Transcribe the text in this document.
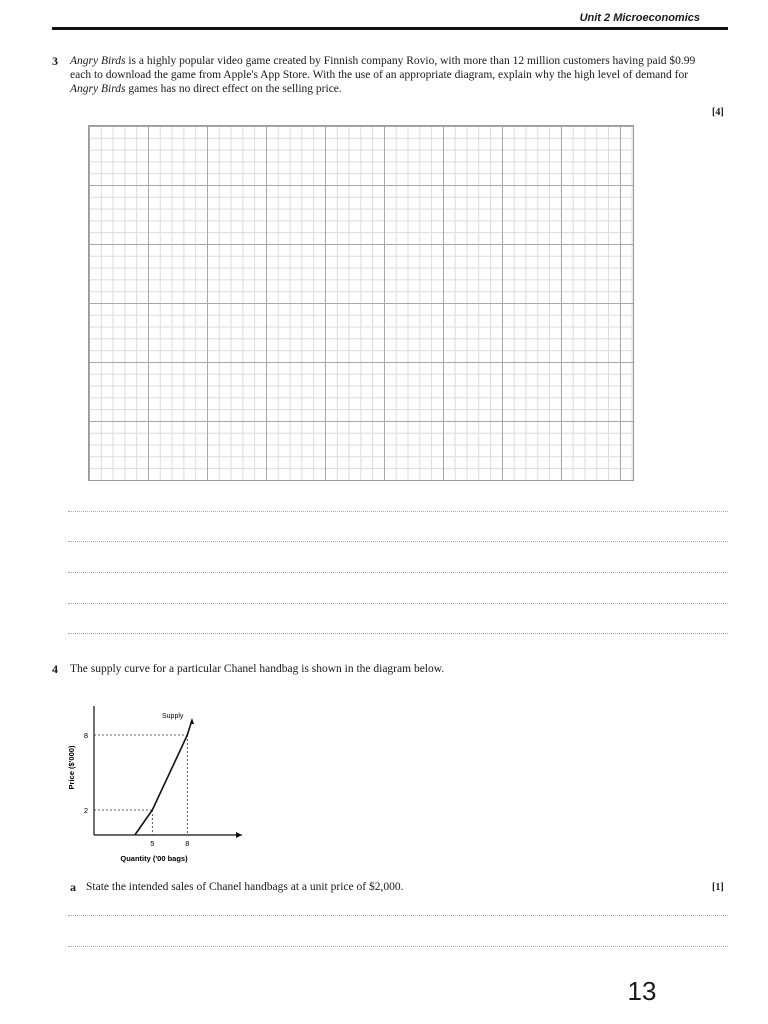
Unit 2 Microeconomics
3 Angry Birds is a highly popular video game created by Finnish company Rovio, with more than 12 million customers having paid $0.99 each to download the game from Apple's App Store. With the use of an appropriate diagram, explain why the high level of demand for Angry Birds games has no direct effect on the selling price.
[4]
4 The supply curve for a particular Chanel handbag is shown in the diagram below.
Supply
2
8
5	8
Quantity ('00 bags)
Price ($'000)
a State the intended sales of Chanel handbags at a unit price of $2,000.	[1]
13
